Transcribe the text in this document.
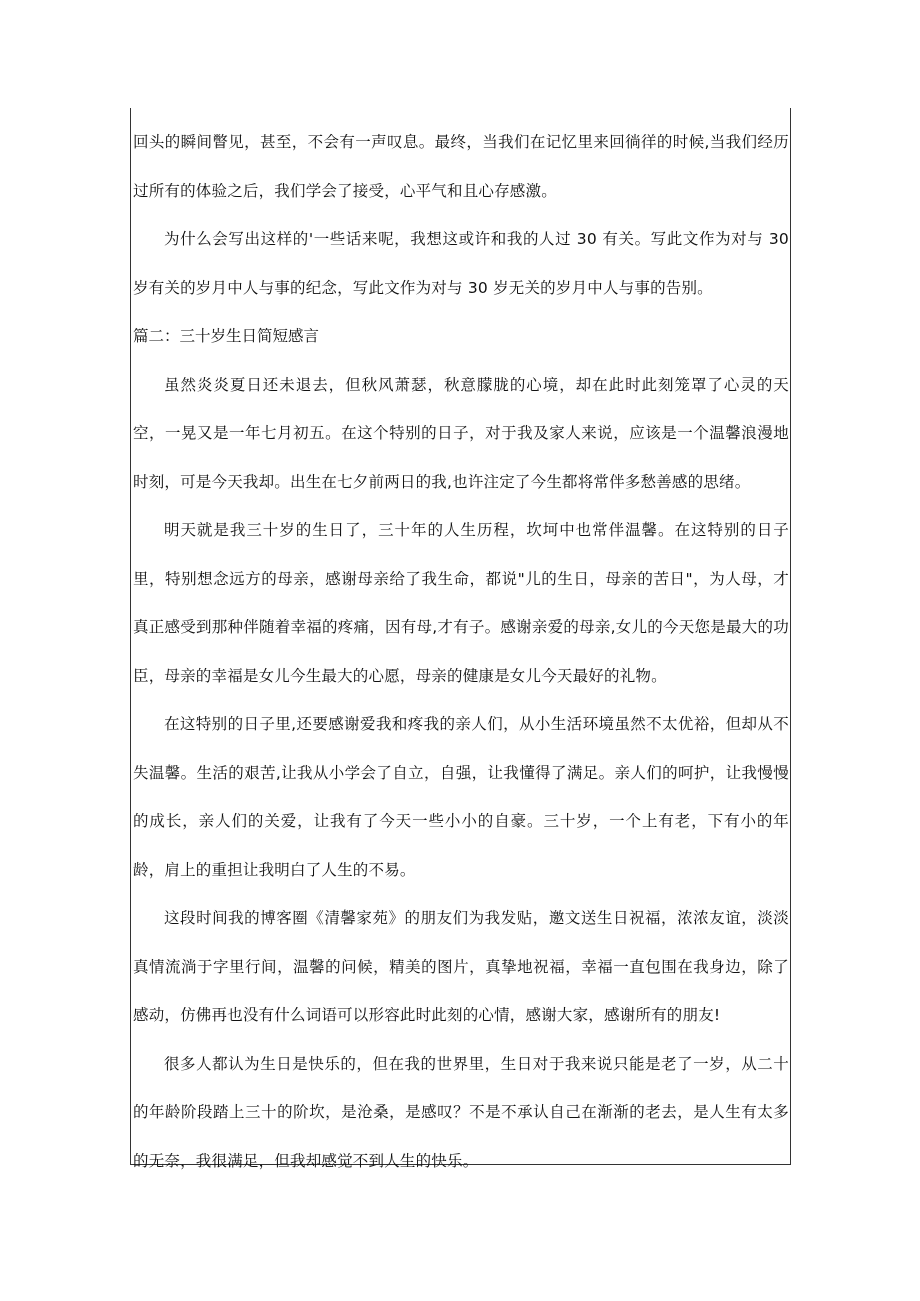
回头的瞬间瞥见，甚至，不会有一声叹息。最终，当我们在记忆里来回徜徉的时候,当我们经历过所有的体验之后，我们学会了接受，心平气和且心存感激。

为什么会写出这样的'一些话来呢，我想这或许和我的人过 30 有关。写此文作为对与 30 岁有关的岁月中人与事的纪念，写此文作为对与 30 岁无关的岁月中人与事的告别。

篇二：三十岁生日简短感言

虽然炎炎夏日还未退去，但秋风萧瑟，秋意朦胧的心境，却在此时此刻笼罩了心灵的天空，一晃又是一年七月初五。在这个特别的日子，对于我及家人来说，应该是一个温馨浪漫地时刻，可是今天我却。出生在七夕前两日的我,也许注定了今生都将常伴多愁善感的思绪。

明天就是我三十岁的生日了，三十年的人生历程，坎坷中也常伴温馨。在这特别的日子里，特别想念远方的母亲，感谢母亲给了我生命，都说"儿的生日，母亲的苦日"，为人母，才真正感受到那种伴随着幸福的疼痛，因有母,才有子。感谢亲爱的母亲,女儿的今天您是最大的功臣，母亲的幸福是女儿今生最大的心愿，母亲的健康是女儿今天最好的礼物。

在这特别的日子里,还要感谢爱我和疼我的亲人们，从小生活环境虽然不太优裕，但却从不失温馨。生活的艰苦,让我从小学会了自立，自强，让我懂得了满足。亲人们的呵护，让我慢慢的成长，亲人们的关爱，让我有了今天一些小小的自豪。三十岁，一个上有老，下有小的年龄，肩上的重担让我明白了人生的不易。

这段时间我的博客圈《清馨家苑》的朋友们为我发贴，邀文送生日祝福，浓浓友谊，淡淡真情流淌于字里行间，温馨的问候，精美的图片，真挚地祝福，幸福一直包围在我身边，除了感动，仿佛再也没有什么词语可以形容此时此刻的心情，感谢大家，感谢所有的朋友!

很多人都认为生日是快乐的，但在我的世界里，生日对于我来说只能是老了一岁，从二十的年龄阶段踏上三十的阶坎，是沧桑，是感叹？不是不承认自己在渐渐的老去，是人生有太多的无奈，我很满足，但我却感觉不到人生的快乐。
